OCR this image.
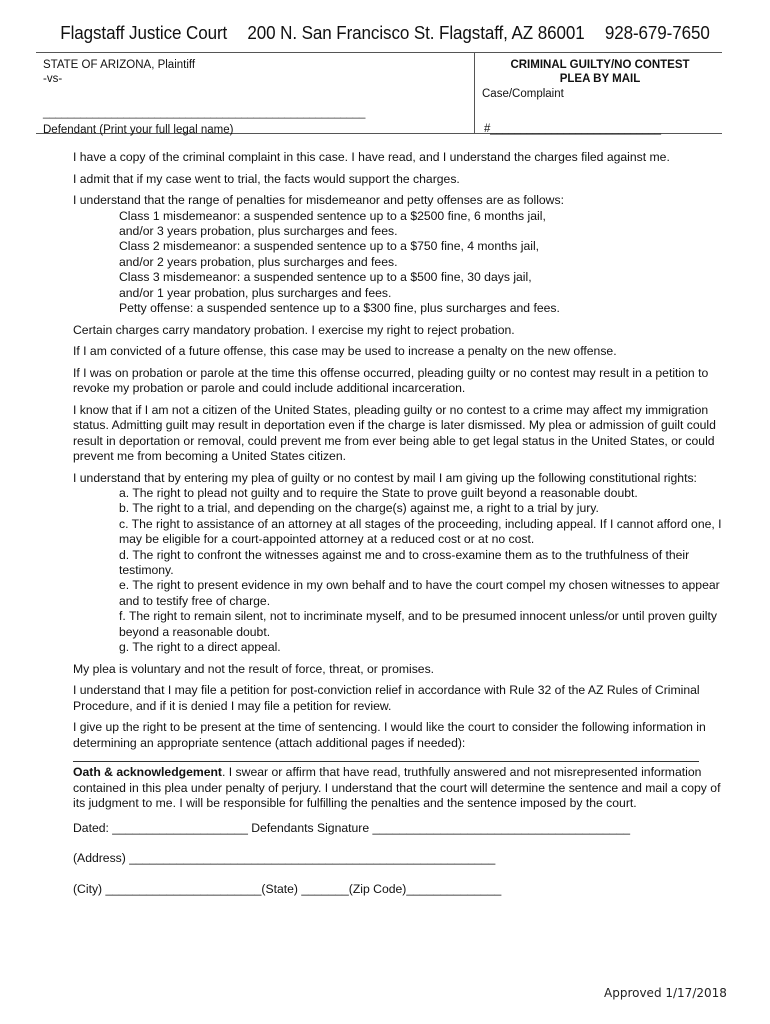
Flagstaff Justice Court 200 N. San Francisco St. Flagstaff, AZ 86001 928-679-7650
STATE OF ARIZONA, Plaintiff
-vs-
____________________________________________________
Defendant (Print your full legal name)
CRIMINAL GUILTY/NO CONTEST
PLEA BY MAIL
Case/Complaint
#____________________________

I have a copy of the criminal complaint in this case. I have read, and I understand the charges filed against me.

I admit that if my case went to trial, the facts would support the charges.

I understand that the range of penalties for misdemeanor and petty offenses are as follows:
Class 1 misdemeanor: a suspended sentence up to a $2500 fine, 6 months jail,
and/or 3 years probation, plus surcharges and fees.
Class 2 misdemeanor: a suspended sentence up to a $750 fine, 4 months jail,
and/or 2 years probation, plus surcharges and fees.
Class 3 misdemeanor: a suspended sentence up to a $500 fine, 30 days jail,
and/or 1 year probation, plus surcharges and fees.
Petty offense: a suspended sentence up to a $300 fine, plus surcharges and fees.

Certain charges carry mandatory probation. I exercise my right to reject probation.

If I am convicted of a future offense, this case may be used to increase a penalty on the new offense.

If I was on probation or parole at the time this offense occurred, pleading guilty or no contest may result in a petition to revoke my probation or parole and could include additional incarceration.

I know that if I am not a citizen of the United States, pleading guilty or no contest to a crime may affect my immigration status. Admitting guilt may result in deportation even if the charge is later dismissed. My plea or admission of guilt could result in deportation or removal, could prevent me from ever being able to get legal status in the United States, or could prevent me from becoming a United States citizen.

I understand that by entering my plea of guilty or no contest by mail I am giving up the following constitutional rights:
a. The right to plead not guilty and to require the State to prove guilt beyond a reasonable doubt.
b. The right to a trial, and depending on the charge(s) against me, a right to a trial by jury.
c. The right to assistance of an attorney at all stages of the proceeding, including appeal. If I cannot afford one, I may be eligible for a court-appointed attorney at a reduced cost or at no cost.
d. The right to confront the witnesses against me and to cross-examine them as to the truthfulness of their testimony.
e. The right to present evidence in my own behalf and to have the court compel my chosen witnesses to appear and to testify free of charge.
f. The right to remain silent, not to incriminate myself, and to be presumed innocent unless/or until proven guilty beyond a reasonable doubt.
g. The right to a direct appeal.

My plea is voluntary and not the result of force, threat, or promises.

I understand that I may file a petition for post-conviction relief in accordance with Rule 32 of the AZ Rules of Criminal Procedure, and if it is denied I may file a petition for review.

I give up the right to be present at the time of sentencing. I would like the court to consider the following information in determining an appropriate sentence (attach additional pages if needed):

Oath & acknowledgement. I swear or affirm that have read, truthfully answered and not misrepresented information contained in this plea under penalty of perjury. I understand that the court will determine the sentence and mail a copy of its judgment to me. I will be responsible for fulfilling the penalties and the sentence imposed by the court.

Dated: ____________________ Defendants Signature ______________________________________
(Address) ______________________________________________________
(City) _______________________(State) _______(Zip Code)______________
Approved 1/17/2018
